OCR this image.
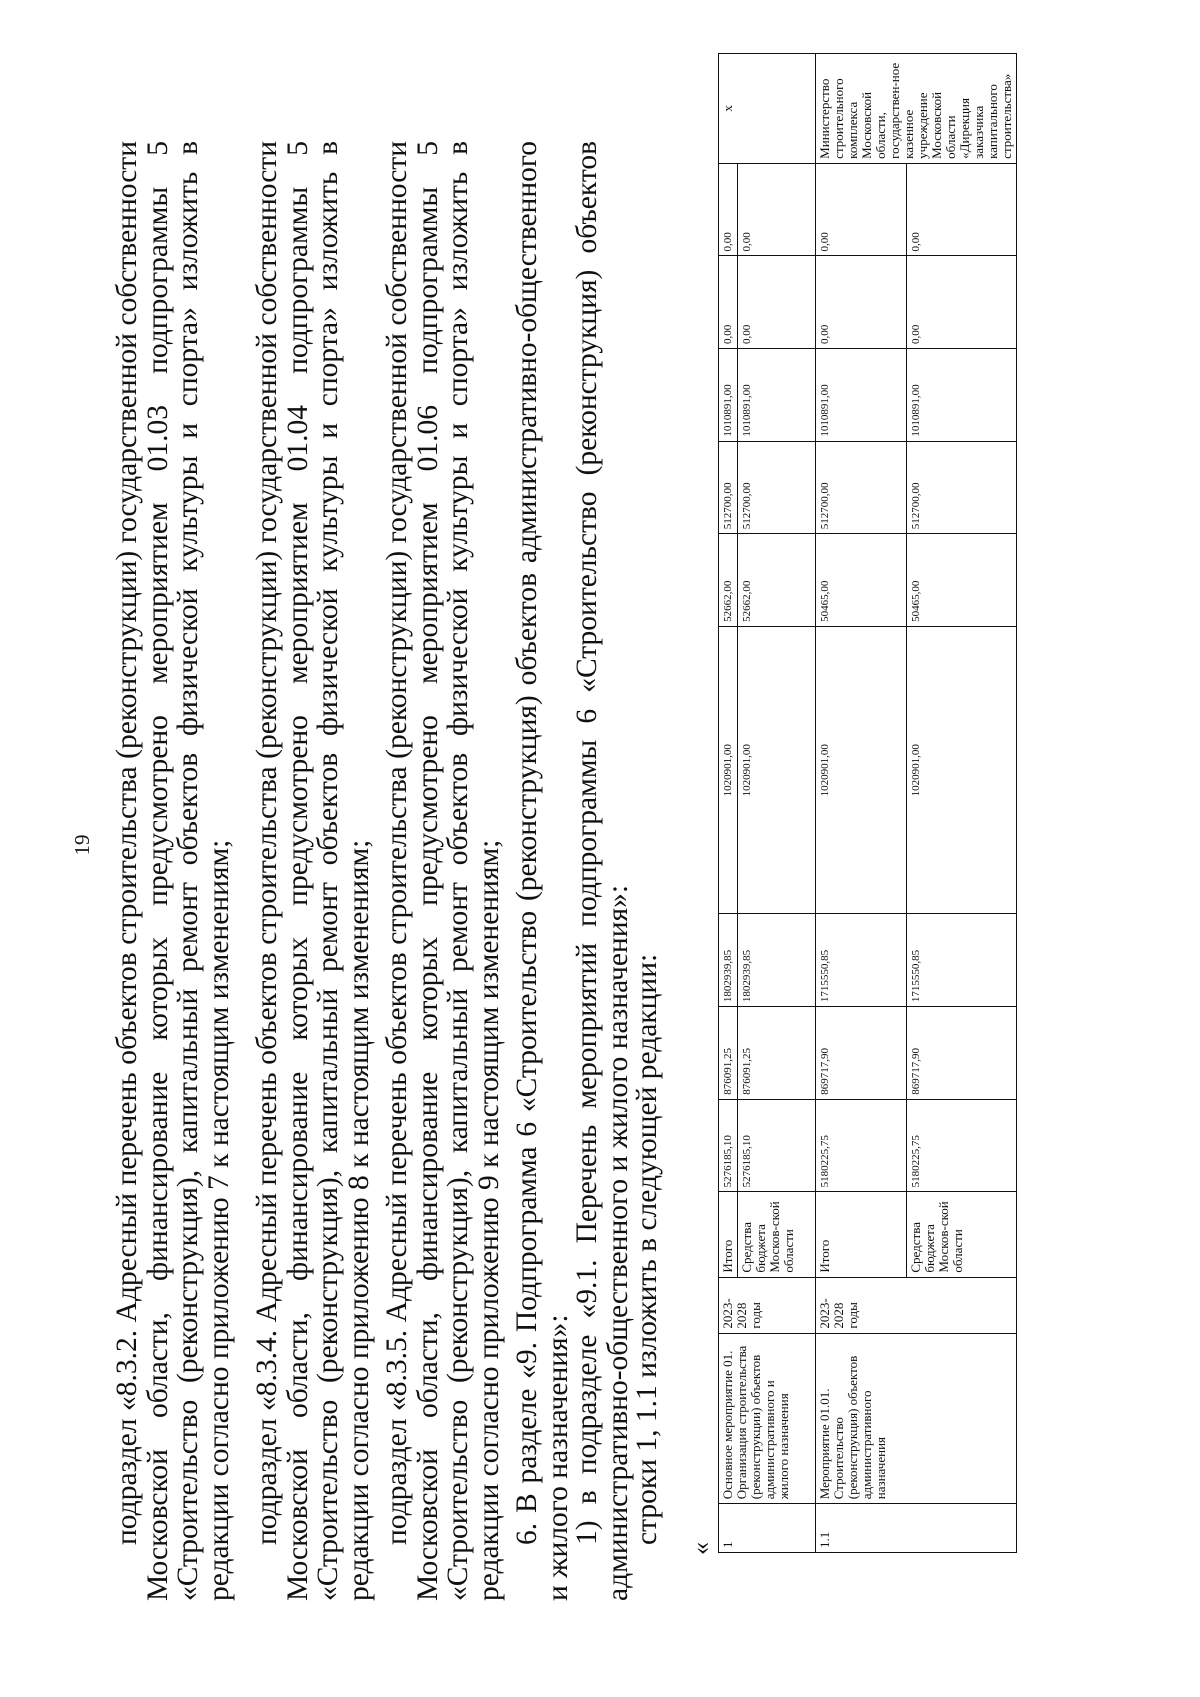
19 подраздел «8.3.2. Адресный перечень объектов строительства (реконструкции) государственной собственности Московской области, финансирование которых предусмотрено мероприятием 01.03 подпрограммы 5 «Строительство (реконструкция), капитальный ремонт объектов физической культуры и спорта» изложить в редакции согласно приложению 7 к настоящим изменениям; подраздел «8.3.4. Адресный перечень объектов строительства (реконструкции) государственной собственности Московской области, финансирование которых предусмотрено мероприятием 01.04 подпрограммы 5 «Строительство (реконструкция), капитальный ремонт объектов физической культуры и спорта» изложить в редакции согласно приложению 8 к настоящим изменениям; подраздел «8.3.5. Адресный перечень объектов строительства (реконструкции) государственной собственности Московской области, финансирование которых предусмотрено мероприятием 01.06 подпрограммы 5 «Строительство (реконструкция), капитальный ремонт объектов физической культуры и спорта» изложить в редакции согласно приложению 9 к настоящим изменениям; 6. В разделе «9. Подпрограмма 6 «Строительство (реконструкция) объектов административно-общественного и жилого назначения»:

1) в подразделе «9.1. Перечень мероприятий подпрограммы 6 «Строительство (реконструкция) объектов административно-общественного и жилого назначения»:

строки 1, 1.1 изложить в следующей редакции:

« 1	Основное мероприятие 01. Организация строительства (реконструкции) объектов административного и жилого назначения	2023-2028 годы	Итого	5276185,10	876091,25	1802939,85	1020901,00	52662,00	512700,00	1010891,00	0,00	0,00	х
			Средства бюджета Москов-ской области	5276185,10	876091,25	1802939,85	1020901,00	52662,00	512700,00	1010891,00	0,00	0,00	
1.1	Мероприятие 01.01. Строительство (реконструкция) объектов административного назначения	2023-2028 годы	Итого	5180225,75	869717,90	1715550,85	1020901,00	50465,00	512700,00	1010891,00	0,00	0,00	Министерство строительного комплекса Московской области, государствен-ное казенное учреждение Московской области «Дирекция заказчика капитального строительства»
			Средства бюджета Москов-ской области	5180225,75	869717,90	1715550,85	1020901,00	50465,00	512700,00	1010891,00	0,00	0,00	
